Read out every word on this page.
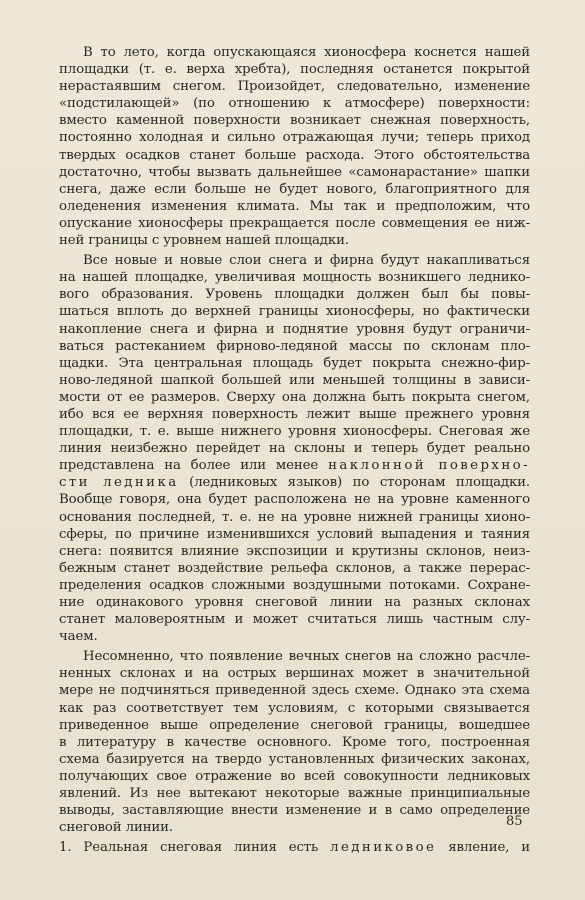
В то лето, когда опускающаяся хионосфера коснется нашей
площадки (т. е. верха хребта), последняя останется покрытой
нерастаявшим снегом. Произойдет, следовательно, изменение
«подстилающей» (по отношению к атмосфере) поверхности:
вместо каменной поверхности возникает снежная поверхность,
постоянно холодная и сильно отражающая лучи; теперь приход
твердых осадков станет больше расхода. Этого обстоятельства
достаточно, чтобы вызвать дальнейшее «самонарастание» шапки
снега, даже если больше не будет нового, благоприятного для
оледенения изменения климата. Мы так и предположим, что
опускание хионосферы прекращается после совмещения ее ниж-
ней границы с уровнем нашей площадки.
Все новые и новые слои снега и фирна будут накапливаться
на нашей площадке, увеличивая мощность возникшего леднико-
вого образования. Уровень площадки должен был бы повы-
шаться вплоть до верхней границы хионосферы, но фактически
накопление снега и фирна и поднятие уровня будут ограничи-
ваться растеканием фирново-ледяной массы по склонам пло-
щадки. Эта центральная площадь будет покрыта снежно-фир-
ново-ледяной шапкой большей или меньшей толщины в зависи-
мости от ее размеров. Сверху она должна быть покрыта снегом,
ибо вся ее верхняя поверхность лежит выше прежнего уровня
площадки, т. е. выше нижнего уровня хионосферы. Снеговая же
линия неизбежно перейдет на склоны и теперь будет реально
представлена на более или менее наклонной поверхно-
сти ледника (ледниковых языков) по сторонам площадки.
Вообще говоря, она будет расположена не на уровне каменного
основания последней, т. е. не на уровне нижней границы хионо-
сферы, по причине изменившихся условий выпадения и таяния
снега: появится влияние экспозиции и крутизны склонов, неиз-
бежным станет воздействие рельефа склонов, а также перерас-
пределения осадков сложными воздушными потоками. Сохране-
ние одинакового уровня снеговой линии на разных склонах
станет маловероятным и может считаться лишь частным слу-
чаем.
Несомненно, что появление вечных снегов на сложно расчле-
ненных склонах и на острых вершинах может в значительной
мере не подчиняться приведенной здесь схеме. Однако эта схема
как раз соответствует тем условиям, с которыми связывается
приведенное выше определение снеговой границы, вошедшее
в литературу в качестве основного. Кроме того, построенная
схема базируется на твердо установленных физических законах,
получающих свое отражение во всей совокупности ледниковых
явлений. Из нее вытекают некоторые важные принципиальные
выводы, заставляющие внести изменение и в само определение
снеговой линии.
1. Реальная снеговая линия есть ледниковое явление, и
85
